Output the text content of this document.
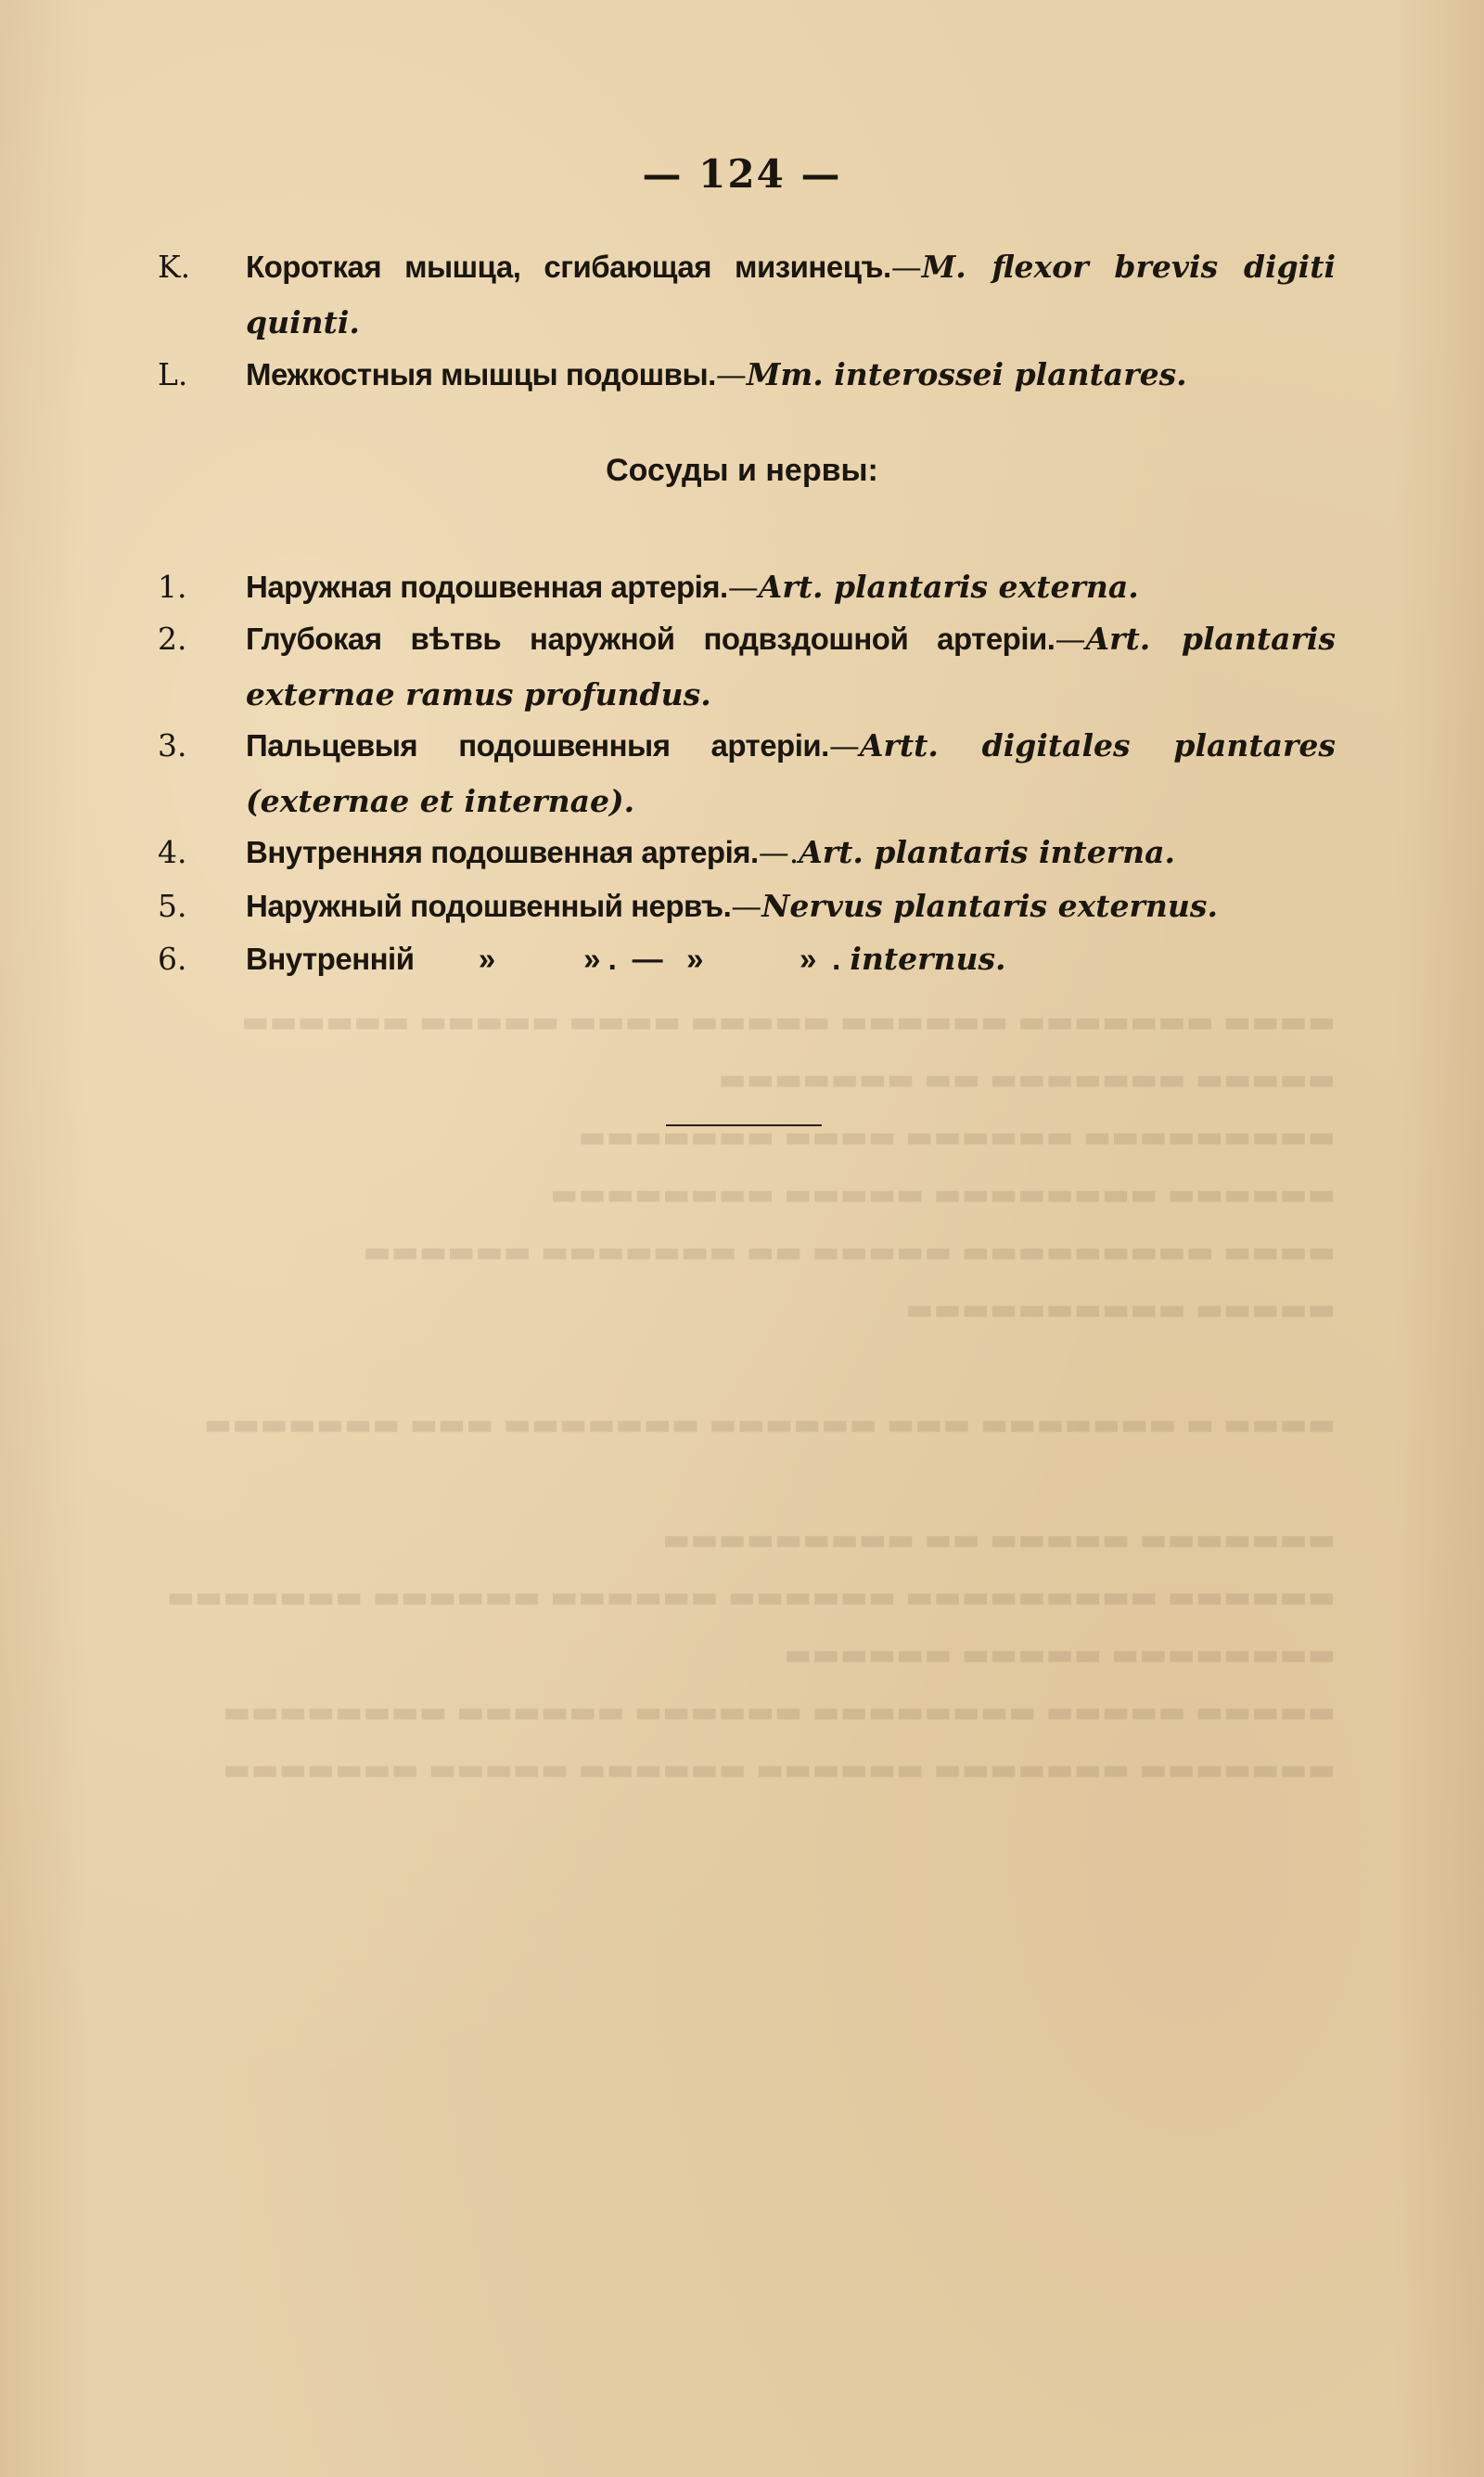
▬▬▬▬ ▬▬▬▬▬▬▬ ▬▬▬▬▬▬ ▬▬▬▬▬ ▬▬▬▬ ▬▬▬▬▬ ▬▬▬▬▬▬
▬▬▬▬▬ ▬▬▬▬▬▬▬ ▬▬ ▬▬▬▬▬▬▬
▬▬▬▬▬▬▬▬▬ ▬▬▬▬▬▬ ▬▬▬▬ ▬▬▬▬▬▬▬
▬▬▬▬▬▬ ▬▬▬▬▬▬▬▬ ▬▬▬▬▬ ▬▬▬▬▬▬▬▬
▬▬▬▬ ▬▬▬▬▬▬▬▬▬ ▬▬▬▬▬ ▬▬ ▬▬▬▬▬▬▬ ▬▬▬▬▬▬
▬▬▬▬▬ ▬▬▬▬▬▬▬▬▬▬

▬▬▬▬ ▬ ▬▬▬▬▬▬▬ ▬▬▬ ▬▬▬▬▬▬ ▬▬▬▬▬▬▬ ▬▬▬ ▬▬▬▬▬▬▬

▬▬▬▬▬▬▬ ▬▬▬▬▬ ▬▬ ▬▬▬▬▬▬▬▬▬
▬▬▬▬▬▬ ▬▬▬▬▬▬▬▬▬ ▬▬▬▬▬▬ ▬▬▬▬▬▬ ▬▬▬▬▬▬ ▬▬▬▬▬▬▬
▬▬▬▬▬▬▬▬ ▬▬▬▬▬ ▬▬▬▬▬▬
▬▬▬▬▬ ▬▬▬▬▬ ▬▬▬▬▬▬▬▬ ▬▬▬▬▬▬ ▬▬▬▬▬▬ ▬▬▬▬▬▬▬▬
▬▬▬▬▬▬▬ ▬▬▬▬▬▬▬ ▬▬▬▬▬▬ ▬▬▬▬▬▬ ▬▬▬▬▬ ▬▬▬▬▬▬▬
— 124 —
K.	Короткая мышца, сгибающая мизинецъ.—M. flexor brevis digiti quinti.
L.	Межкостныя мышцы подошвы.—Mm. interossei plantares.
Сосуды и нервы:
1.	Наружная подошвенная артерія.—Art. plantaris externa.
2.	Глубокая вѣтвь наружной подвздошной артеріи.—Art. plantaris externae ramus profundus.
3.	Пальцевыя подошвенныя артеріи.—Artt. digitales plantares (externae et internae).
4.	Внутренняя подошвенная артерія.—.Art. plantaris interna.
5.	Наружный подошвенный нервъ.—Nervus plantaris externus.
6.	Внутренній        »           » .  —   »            »  . internus.
